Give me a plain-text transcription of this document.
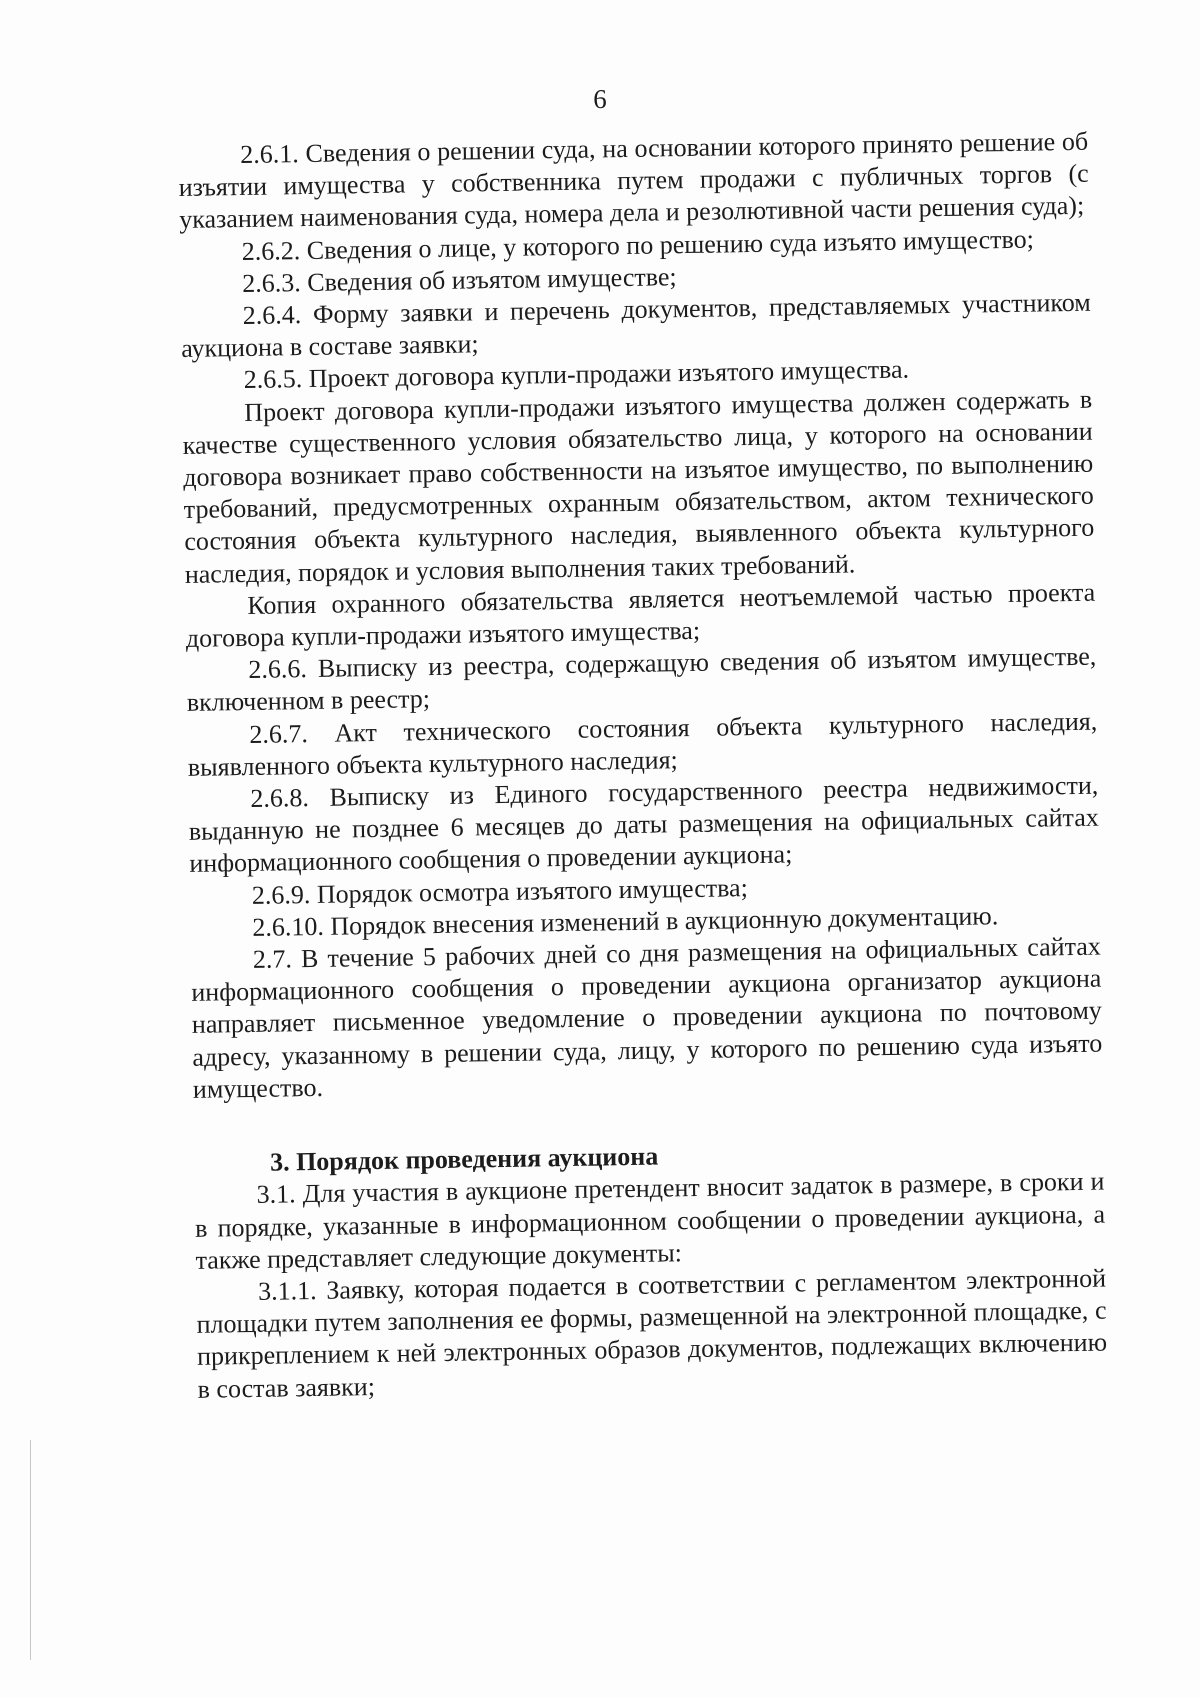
6

2.6.1. Сведения о решении суда, на основании которого принято решение об изъятии имущества у собственника путем продажи с публичных торгов (с указанием наименования суда, номера дела и резолютивной части решения суда);

2.6.2. Сведения о лице, у которого по решению суда изъято имущество;

2.6.3. Сведения об изъятом имуществе;

2.6.4. Форму заявки и перечень документов, представляемых участником аукциона в составе заявки;

2.6.5. Проект договора купли-продажи изъятого имущества.

Проект договора купли-продажи изъятого имущества должен содержать в качестве существенного условия обязательство лица, у которого на основании договора возникает право собственности на изъятое имущество, по выполнению требований, предусмотренных охранным обязательством, актом технического состояния объекта культурного наследия, выявленного объекта культурного наследия, порядок и условия выполнения таких требований.

Копия охранного обязательства является неотъемлемой частью проекта договора купли-продажи изъятого имущества;

2.6.6. Выписку из реестра, содержащую сведения об изъятом имуществе, включенном в реестр;

2.6.7. Акт технического состояния объекта культурного наследия, выявленного объекта культурного наследия;

2.6.8. Выписку из Единого государственного реестра недвижимости, выданную не позднее 6 месяцев до даты размещения на официальных сайтах информационного сообщения о проведении аукциона;

2.6.9. Порядок осмотра изъятого имущества;

2.6.10. Порядок внесения изменений в аукционную документацию.

2.7. В течение 5 рабочих дней со дня размещения на официальных сайтах информационного сообщения о проведении аукциона организатор аукциона направляет письменное уведомление о проведении аукциона по почтовому адресу, указанному в решении суда, лицу, у которого по решению суда изъято имущество.

3. Порядок проведения аукциона

3.1. Для участия в аукционе претендент вносит задаток в размере, в сроки и в порядке, указанные в информационном сообщении о проведении аукциона, а также представляет следующие документы:

3.1.1. Заявку, которая подается в соответствии с регламентом электронной площадки путем заполнения ее формы, размещенной на электронной площадке, с прикреплением к ней электронных образов документов, подлежащих включению в состав заявки;
